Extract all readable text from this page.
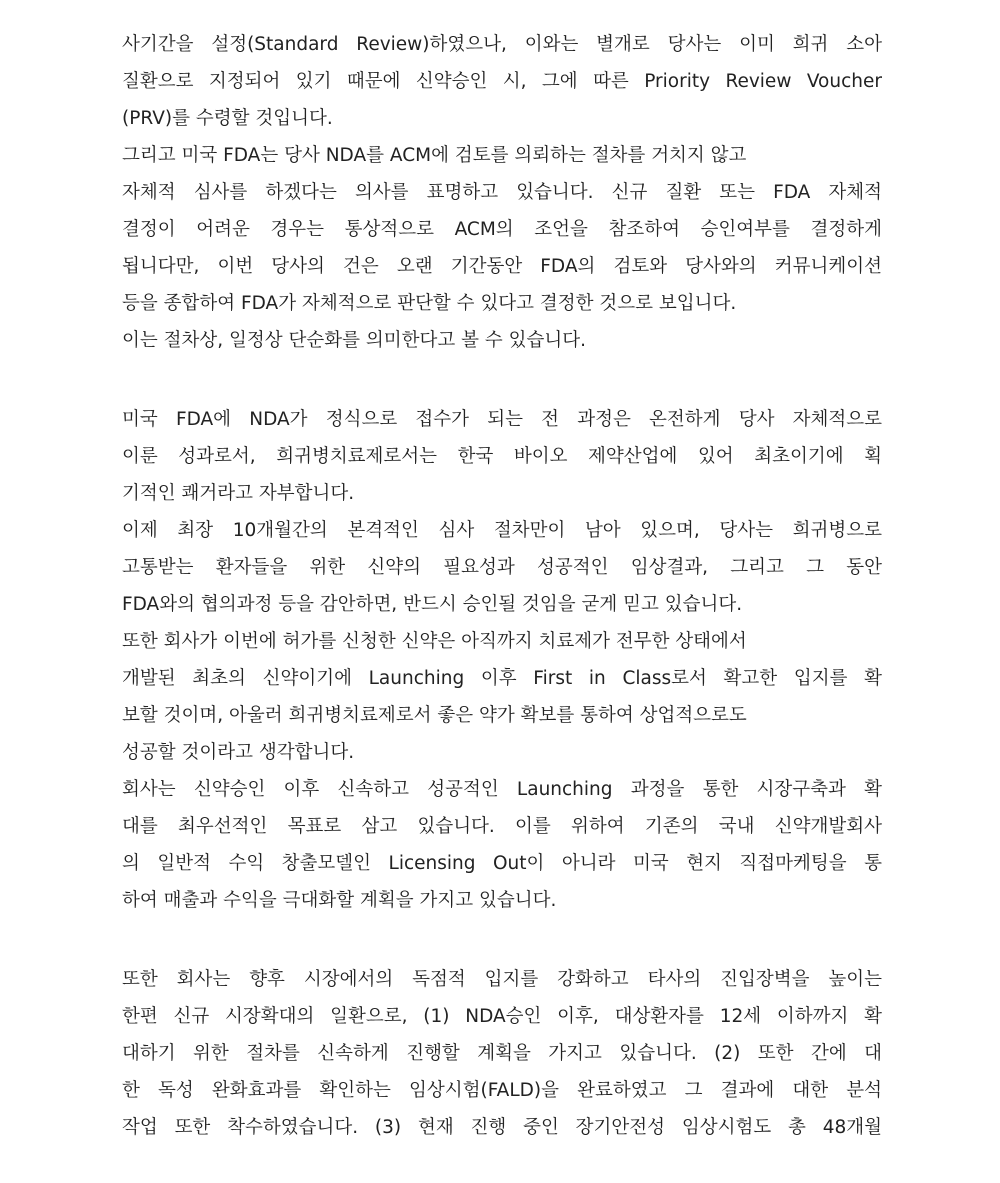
사기간을 설정(Standard Review)하였으나, 이와는 별개로 당사는 이미 희귀 소아
질환으로 지정되어 있기 때문에 신약승인 시, 그에 따른 Priority Review Voucher
(PRV)를 수령할 것입니다.
그리고 미국 FDA는 당사 NDA를 ACM에 검토를 의뢰하는 절차를 거치지 않고
자체적 심사를 하겠다는 의사를 표명하고 있습니다. 신규 질환 또는 FDA 자체적
결정이 어려운 경우는 통상적으로 ACM의 조언을 참조하여 승인여부를 결정하게
됩니다만, 이번 당사의 건은 오랜 기간동안 FDA의 검토와 당사와의 커뮤니케이션
등을 종합하여 FDA가 자체적으로 판단할 수 있다고 결정한 것으로 보입니다.
이는 절차상, 일정상 단순화를 의미한다고 볼 수 있습니다.
미국 FDA에 NDA가 정식으로 접수가 되는 전 과정은 온전하게 당사 자체적으로
이룬 성과로서, 희귀병치료제로서는 한국 바이오 제약산업에 있어 최초이기에 획
기적인 쾌거라고 자부합니다.
이제 최장 10개월간의 본격적인 심사 절차만이 남아 있으며, 당사는 희귀병으로
고통받는 환자들을 위한 신약의 필요성과 성공적인 임상결과, 그리고 그 동안
FDA와의 협의과정 등을 감안하면, 반드시 승인될 것임을 굳게 믿고 있습니다.
또한 회사가 이번에 허가를 신청한 신약은 아직까지 치료제가 전무한 상태에서
개발된 최초의 신약이기에 Launching 이후 First in Class로서 확고한 입지를 확
보할 것이며, 아울러 희귀병치료제로서 좋은 약가 확보를 통하여 상업적으로도
성공할 것이라고 생각합니다.
회사는 신약승인 이후 신속하고 성공적인 Launching 과정을 통한 시장구축과 확
대를 최우선적인 목표로 삼고 있습니다. 이를 위하여 기존의 국내 신약개발회사
의 일반적 수익 창출모델인 Licensing Out이 아니라 미국 현지 직접마케팅을 통
하여 매출과 수익을 극대화할 계획을 가지고 있습니다.
또한 회사는 향후 시장에서의 독점적 입지를 강화하고 타사의 진입장벽을 높이는
한편 신규 시장확대의 일환으로, (1) NDA승인 이후, 대상환자를 12세 이하까지 확
대하기 위한 절차를 신속하게 진행할 계획을 가지고 있습니다. (2) 또한 간에 대
한 독성 완화효과를 확인하는 임상시험(FALD)을 완료하였고 그 결과에 대한 분석
작업 또한 착수하였습니다. (3) 현재 진행 중인 장기안전성 임상시험도 총 48개월
